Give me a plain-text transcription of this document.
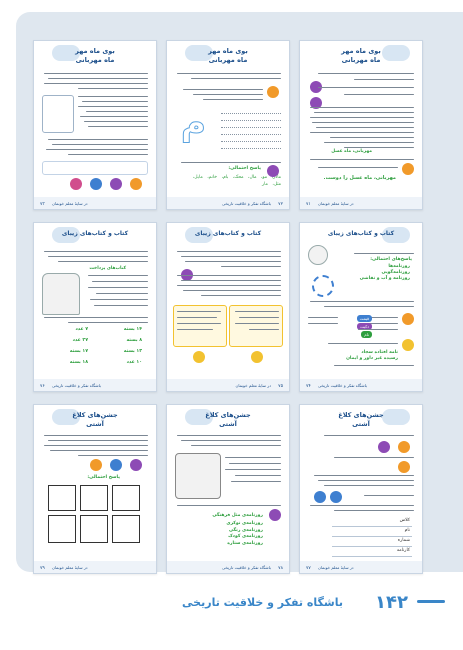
بوی ماه مهر
ماه مهربانی
۷۳ در سایهٔ معلم خوبمان
بوی ماه مهر
ماه مهربانی
م
پاسخ احتمالی:
مادر، مو، مال، محک، بام، خانم، مایل، مثل، مار
۷۲
باشگاه تفکر و خلاقیت تاریخی
بوی ماه مهر
ماه مهربانی
مهربانی، ماه عسل
مهربانی، ماه عسل را دوست.
۷۱ در سایهٔ معلم خوبمان
کتاب و کتاب‌های زیبای
کتاب‌های پرداخت
۷ عدد
۲۷ عدد
۱۷ بسته
۱۸ بسته
۱۴ بسته
۸ بسته
۱۳ بسته
۱۰ عدد
۷۶ باشگاه تفکر و خلاقیت تاریخی
کتاب و کتاب‌های زیبای
۷۵
در سایهٔ معلم خوبمان
کتاب و کتاب‌های زیبای
پاسخ‌های احتمالی:
روزنامه‌ها
روزنامه‌گویی
روزنامه و آب و نقاشی
قیمت
دکیت
نام
نامه افتاده سجاد
رسیده غیر داور و ایمان
۷۴ باشگاه تفکر و خلاقیت تاریخی
جشن‌های کلاغ
آشتی
پاسخ احتمالی:
۷۹ در سایهٔ معلم خوبمان
جشن‌های کلاغ
آشتی
روزنامه‌ی مثل فرهنگی
روزنامه‌ی نوکری
روزنامه‌ی رنگی
روزنامه‌ی کودک
روزنامه‌ی ستاره
۷۸
باشگاه تفکر و خلاقیت تاریخی
جشن‌های کلاغ
آشتی
کلاس
نام
شماره
کارنامه
۷۷ در سایهٔ معلم خوبمان
۱۴۲
باشگاه تفکر و خلاقیت تاریخی
